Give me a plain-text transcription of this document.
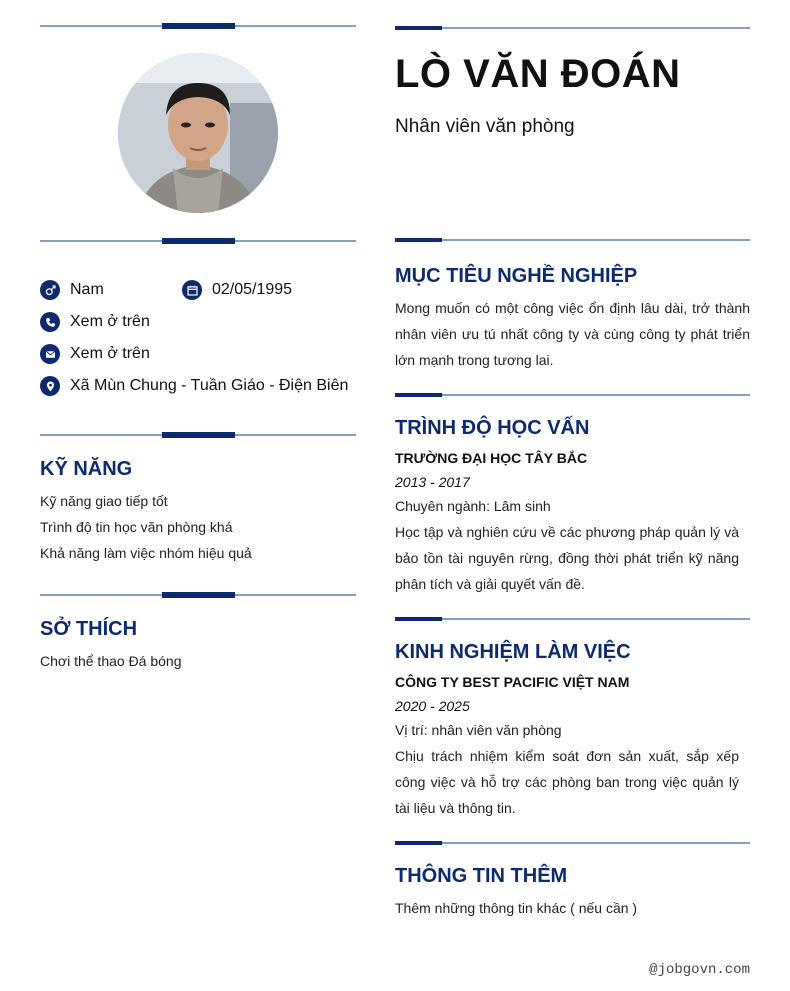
Nam	02/05/1995
Xem ở trên
Xem ở trên
Xã Mùn Chung - Tuần Giáo - Điện Biên
KỸ NĂNG
Kỹ năng giao tiếp tốt
Trình độ tin học văn phòng khá
Khả năng làm việc nhóm hiệu quả
SỞ THÍCH
Chơi thể thao Đá bóng
LÒ VĂN ĐOÁN
Nhân viên văn phòng
MỤC TIÊU NGHỀ NGHIỆP

Mong muốn có một công việc ổn định lâu dài, trở thành nhân viên ưu tú nhất công ty và cùng công ty phát triển lớn mạnh trong tương lai.

TRÌNH ĐỘ HỌC VẤN
TRƯỜNG ĐẠI HỌC TÂY BẮC
2013 - 2017
Chuyên ngành: Lâm sinh

Học tập và nghiên cứu về các phương pháp quản lý và bảo tồn tài nguyên rừng, đồng thời phát triển kỹ năng phân tích và giải quyết vấn đề.

KINH NGHIỆM LÀM VIỆC
CÔNG TY BEST PACIFIC VIỆT NAM
2020 - 2025
Vị trí: nhân viên văn phòng

Chịu trách nhiệm kiểm soát đơn sản xuất, sắp xếp công việc và hỗ trợ các phòng ban trong việc quản lý tài liệu và thông tin.

THÔNG TIN THÊM
Thêm những thông tin khác ( nếu cần )
@jobgovn.com
